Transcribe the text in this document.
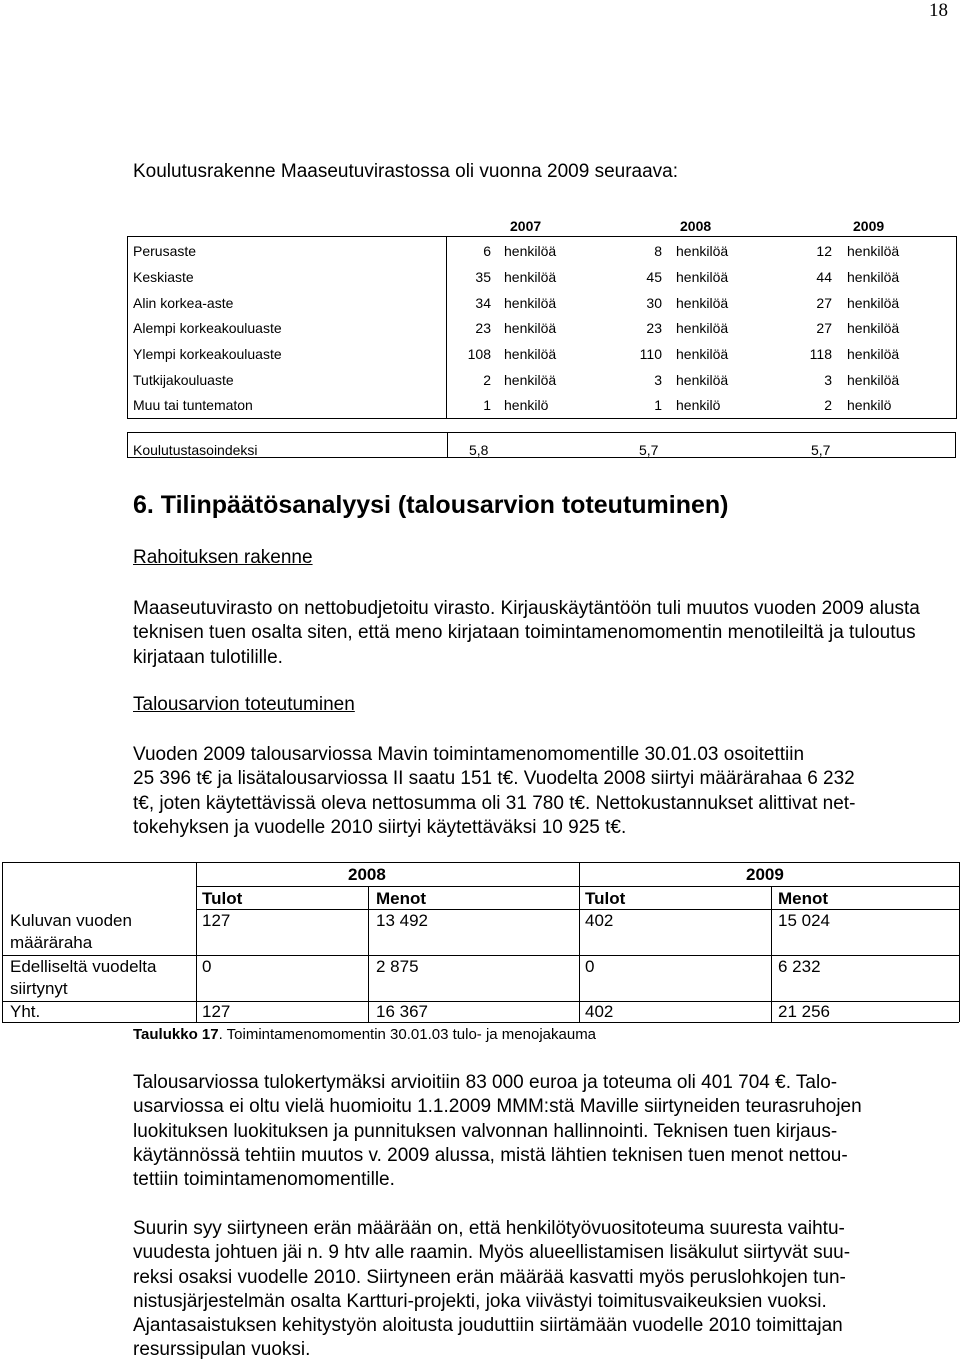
18
Koulutusrakenne Maaseutuvirastossa oli vuonna 2009 seuraava:
2007	2008	2009
Perusaste	6 henkilöä	8 henkilöä	12 henkilöä
Keskiaste	35 henkilöä	45 henkilöä	44 henkilöä
Alin korkea-aste	34 henkilöä	30 henkilöä	27 henkilöä
Alempi korkeakouluaste	23 henkilöä	23 henkilöä	27 henkilöä
Ylempi korkeakouluaste	108 henkilöä	110 henkilöä	118 henkilöä
Tutkijakouluaste	2 henkilöä	3 henkilöä	3 henkilöä
Muu tai tuntematon	1 henkilö	1 henkilö	2 henkilö
Koulutustasoindeksi	5,8	5,7	5,7
6. Tilinpäätösanalyysi (talousarvion toteutuminen)
Rahoituksen rakenne

Maaseutuvirasto on nettobudjetoitu virasto. Kirjauskäytäntöön tuli muutos vuoden 2009 alusta teknisen tuen osalta siten, että meno kirjataan toimintamenomomentin menotileiltä ja tuloutus kirjataan tulotilille.

Talousarvion toteutuminen

Vuoden 2009 talousarviossa Mavin toimintamenomomentille 30.01.03 osoitettiin

25 396 t€ ja lisätalousarviossa II saatu 151 t€. Vuodelta 2008 siirtyi määrärahaa 6 232

t€, joten käytettävissä oleva nettosumma oli 31 780 t€. Nettokustannukset alittivat net-

tokehyksen ja vuodelle 2010 siirtyi käytettäväksi 10 925 t€.

2008	2009
Tulot	Menot	Tulot	Menot
Kuluvan vuoden
määräraha
127	13 492	402	15 024
Edelliseltä vuodelta
siirtynyt
0	2 875	0	6 232
Yht.	127	16 367	402	21 256
Taulukko 17. Toimintamenomomentin 30.01.03 tulo- ja menojakauma

Talousarviossa tulokertymäksi arvioitiin 83 000 euroa ja toteuma oli 401 704 €. Talo-

usarviossa ei oltu vielä huomioitu 1.1.2009 MMM:stä Maville siirtyneiden teurasruhojen

luokituksen luokituksen ja punnituksen valvonnan hallinnointi. Teknisen tuen kirjaus-

käytännössä tehtiin muutos v. 2009 alussa, mistä lähtien teknisen tuen menot nettou-

tettiin toimintamenomomentille.

Suurin syy siirtyneen erän määrään on, että henkilötyövuositoteuma suuresta vaihtu-

vuudesta johtuen jäi n. 9 htv alle raamin. Myös alueellistamisen lisäkulut siirtyvät suu-

reksi osaksi vuodelle 2010. Siirtyneen erän määrää kasvatti myös peruslohkojen tun-

nistusjärjestelmän osalta Kartturi-projekti, joka viivästyi toimitusvaikeuksien vuoksi.

Ajantasaistuksen kehitystyön aloitusta jouduttiin siirtämään vuodelle 2010 toimittajan

resurssipulan vuoksi.
